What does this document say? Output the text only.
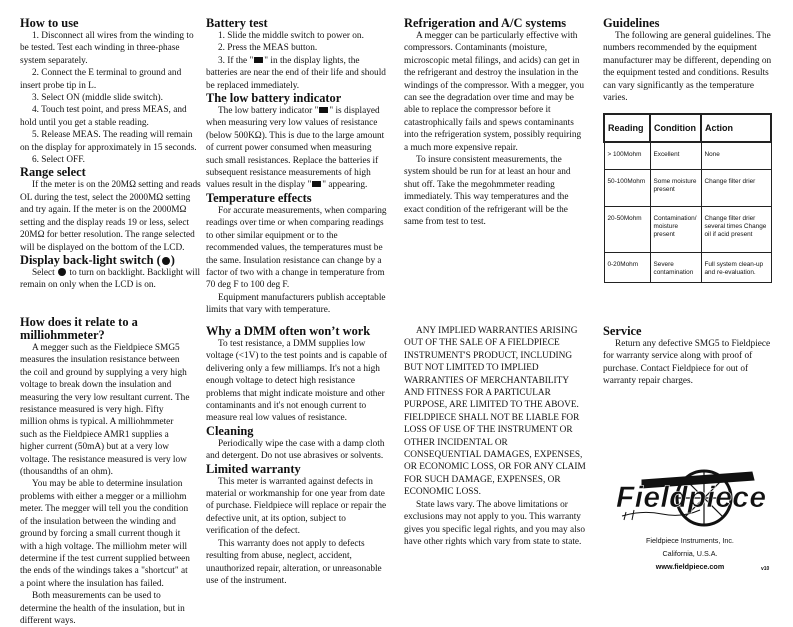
How to use

1. Disconnect all wires from the winding to be tested. Test each winding in three-phase system separately.

2. Connect the E terminal to ground and insert probe tip in L.

3. Select ON (middle slide switch).

4. Touch test point, and press MEAS, and hold until you get a stable reading.

5. Release MEAS. The reading will remain on the display for approximately in 15 seconds.

6. Select OFF.

Range select

If the meter is on the 20MΩ setting and reads OL during the test, select the 2000MΩ setting and try again. If the meter is on the 2000MΩ setting and the display reads 19 or less, select 20MΩ for better resolution. The range selected will be displayed on the bottom of the LCD.

Display back-light switch ( )

Select  to turn on backlight. Backlight will remain on only when the LCD is on.

Battery test

1. Slide the middle switch to power on.

2. Press the MEAS button.

3. If the " " in the display lights, the batteries are near the end of their life and should be replaced immediately.

The low battery indicator

The low battery indicator " " is displayed when measuring very low values of resistance (below 500KΩ). This is due to the large amount of current power consumed when measuring such small resistances. Replace the batteries if subsequent resistance measurements of high values result in the display " " appearing.

Temperature effects

For accurate measurements, when comparing readings over time or when comparing readings to other similar equipment or to the recommended values, the temperatures must be the same. Insulation resistance can change by a factor of two with a change in temperature from 70 deg F to 100 deg F.

Equipment manufacturers publish acceptable limits that vary with temperature.

Refrigeration and A/C systems

A megger can be particularly effective with compressors. Contaminants (moisture, microscopic metal filings, and acids) can get in the refrigerant and destroy the insulation in the windings of the compressor. With a megger, you can see the degradation over time and may be able to replace the compressor before it catastrophically fails and spews contaminants into the refrigeration system, possibly requiring a much more expensive repair.

To insure consistent measurements, the system should be run for at least an hour and shut off. Take the megohmmeter reading immediately. This way temperatures and the exact condition of the refrigerant will be the same from test to test.

Guidelines

The following are general guidelines. The numbers recommended by the equipment manufacturer may be different, depending on the equipment tested and conditions. Results can vary significantly as the temperature varies.

Reading	Condition	Action
> 100Mohm	Excellent	None
50-100Mohm	Some moisture present	Change filter drier
20-50Mohm	Contamination/ moisture present	Change filter drier several times Change oil if acid present
0-20Mohm	Severe contamination	Full system clean-up and re-evaluation.
How does it relate to a milliohmmeter?

A megger such as the Fieldpiece SMG5 measures the insulation resistance between the coil and ground by supplying a very high voltage to break down the insulation and measuring the very low resultant current. The resistance measured is very high. Fifty million ohms is typical. A milliohmmeter such as the Fieldpiece AMR1 supplies a higher current (50mA) but at a very low voltage. The resistance measured is very low (thousandths of an ohm).

You may be able to determine insulation problems with either a megger or a milliohm meter. The megger will tell you the condition of the insulation between the winding and ground by forcing a small current though it with a high voltage. The milliohm meter will determine if the test current supplied between the ends of the windings takes a "shortcut" at a point where the insulation has failed.

Both measurements can be used to determine the health of the insulation, but in different ways.

Why a DMM often won’t work

To test resistance, a DMM supplies low voltage (<1V) to the test points and is capable of delivering only a few milliamps. It's not a high enough voltage to detect high resistance problems that might indicate moisture and other contaminants and it's not enough current to measure real low values of resistance.

Cleaning

Periodically wipe the case with a damp cloth and detergent. Do not use abrasives or solvents.

Limited warranty

This meter is warranted against defects in material or workmanship for one year from date of purchase. Fieldpiece will replace or repair the defective unit, at its option, subject to verification of the defect.

This warranty does not apply to defects resulting from abuse, neglect, accident, unauthorized repair, alteration, or unreasonable use of the instrument.

ANY IMPLIED WARRANTIES ARISING OUT OF THE SALE OF A FIELDPIECE INSTRUMENT'S PRODUCT, INCLUDING BUT NOT LIMITED TO IMPLIED WARRANTIES OF MERCHANTABILITY AND FITNESS FOR A PARTICULAR PURPOSE, ARE LIMITED TO THE ABOVE. FIELDPIECE SHALL NOT BE LIABLE FOR LOSS OF USE OF THE INSTRUMENT OR OTHER INCIDENTAL OR CONSEQUENTIAL DAMAGES, EXPENSES, OR ECONOMIC LOSS, OR FOR ANY CLAIM FOR SUCH DAMAGE, EXPENSES, OR ECONOMIC LOSS.

State laws vary. The above limitations or exclusions may not apply to you. This warranty gives you specific legal rights, and you may also have other rights which vary from state to state.

Service

Return any defective SMG5 to Fieldpiece for warranty service along with proof of purchase. Contact Fieldpiece for out of warranty repair charges.

Fieldpiece
Fieldpiece Instruments, Inc.
California, U.S.A.
www.fieldpiece.com	v10
